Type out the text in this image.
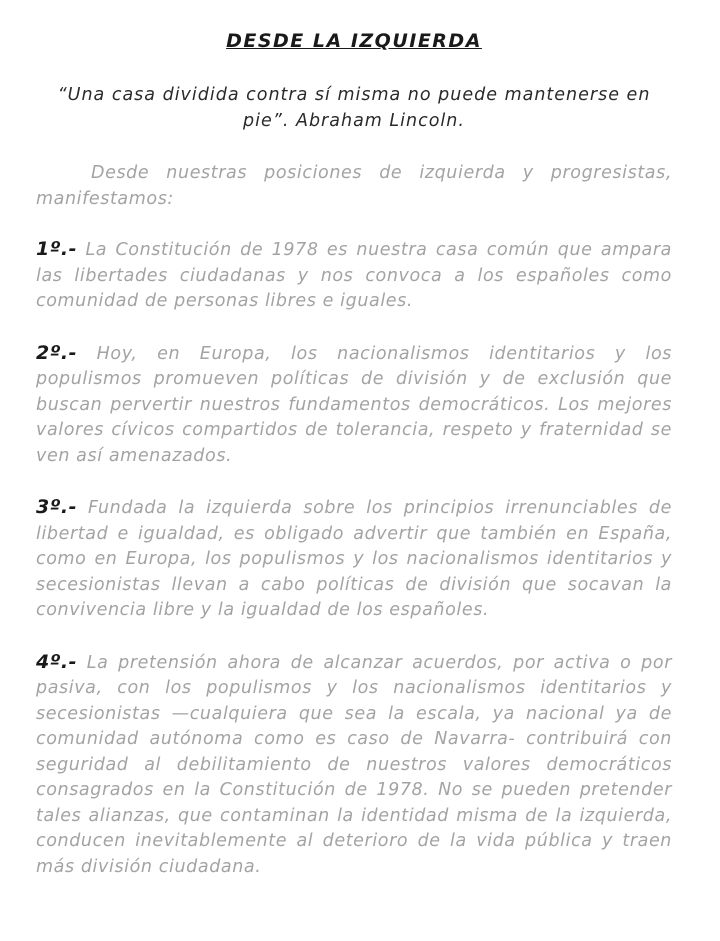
DESDE LA IZQUIERDA
“Una casa dividida contra sí misma no puede mantenerse en pie”. Abraham Lincoln.

Desde nuestras posiciones de izquierda y progresistas, manifestamos:

1º.- La Constitución de 1978 es nuestra casa común que ampara las libertades ciudadanas y nos convoca a los españoles como comunidad de personas libres e iguales.

2º.- Hoy, en Europa, los nacionalismos identitarios y los populismos promueven políticas de división y de exclusión que buscan pervertir nuestros fundamentos democráticos. Los mejores valores cívicos compartidos de tolerancia, respeto y fraternidad se ven así amenazados.

3º.- Fundada la izquierda sobre los principios irrenunciables de libertad e igualdad, es obligado advertir que también en España, como en Europa, los populismos y los nacionalismos identitarios y secesionistas llevan a cabo políticas de división que socavan la convivencia libre y la igualdad de los españoles.

4º.- La pretensión ahora de alcanzar acuerdos, por activa o por pasiva, con los populismos y los nacionalismos identitarios y secesionistas —cualquiera que sea la escala, ya nacional ya de comunidad autónoma como es caso de Navarra- contribuirá con seguridad al debilitamiento de nuestros valores democráticos consagrados en la Constitución de 1978. No se pueden pretender tales alianzas, que contaminan la identidad misma de la izquierda, conducen inevitablemente al deterioro de la vida pública y traen más división ciudadana.
